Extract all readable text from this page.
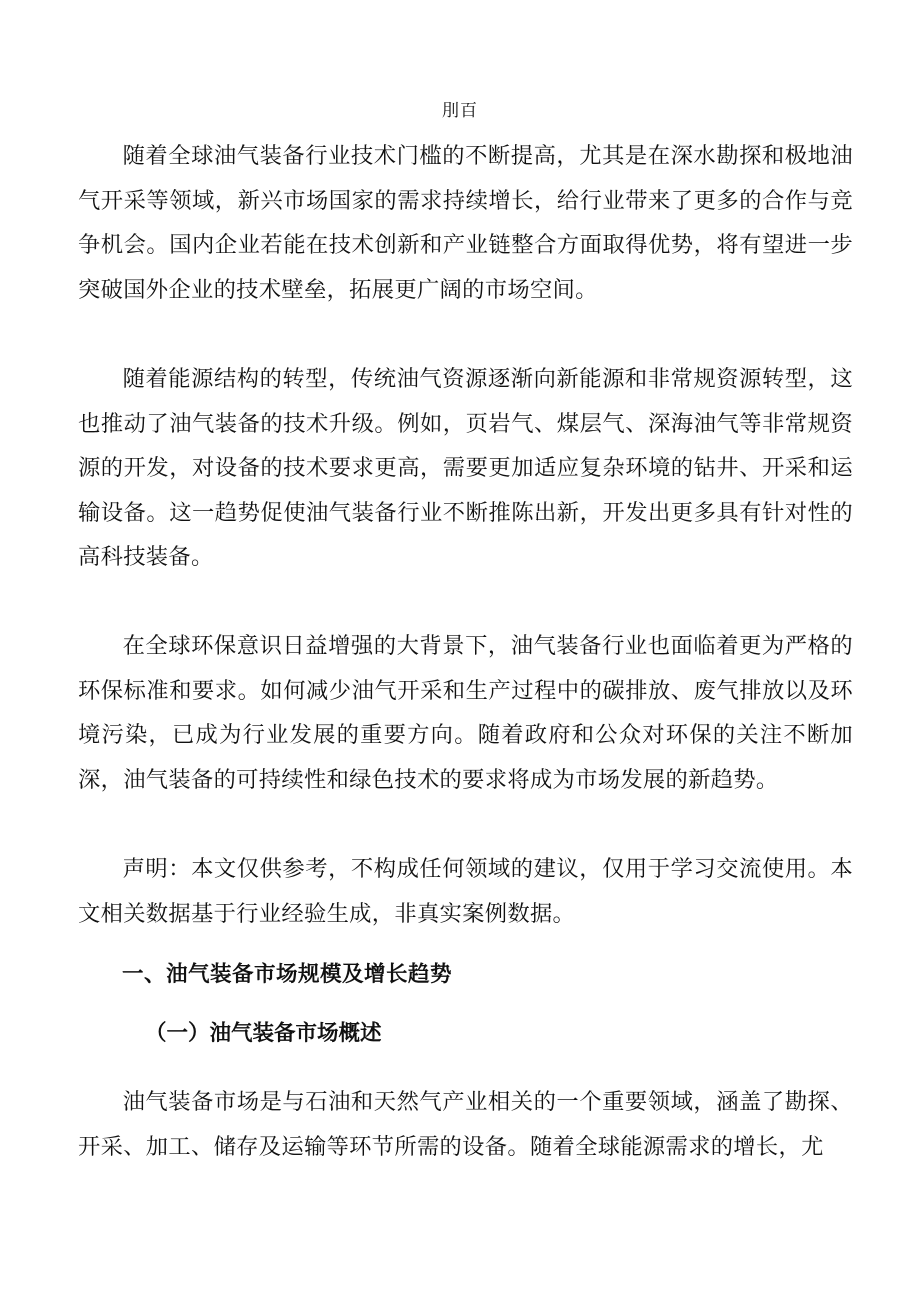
刖百

随着全球油气装备行业技术门槛的不断提高，尤其是在深水勘探和极地油气开采等领域，新兴市场国家的需求持续增长，给行业带来了更多的合作与竞争机会。国内企业若能在技术创新和产业链整合方面取得优势，将有望进一步突破国外企业的技术壁垒，拓展更广阔的市场空间。

随着能源结构的转型，传统油气资源逐渐向新能源和非常规资源转型，这也推动了油气装备的技术升级。例如，页岩气、煤层气、深海油气等非常规资源的开发，对设备的技术要求更高，需要更加适应复杂环境的钻井、开采和运输设备。这一趋势促使油气装备行业不断推陈出新，开发出更多具有针对性的高科技装备。

在全球环保意识日益增强的大背景下，油气装备行业也面临着更为严格的环保标准和要求。如何减少油气开采和生产过程中的碳排放、废气排放以及环境污染，已成为行业发展的重要方向。随着政府和公众对环保的关注不断加深，油气装备的可持续性和绿色技术的要求将成为市场发展的新趋势。

声明：本文仅供参考，不构成任何领域的建议，仅用于学习交流使用。本文相关数据基于行业经验生成，非真实案例数据。

一、油气装备市场规模及增长趋势
（一）油气装备市场概述

油气装备市场是与石油和天然气产业相关的一个重要领域，涵盖了勘探、开采、加工、储存及运输等环节所需的设备。随着全球能源需求的增长，尤
